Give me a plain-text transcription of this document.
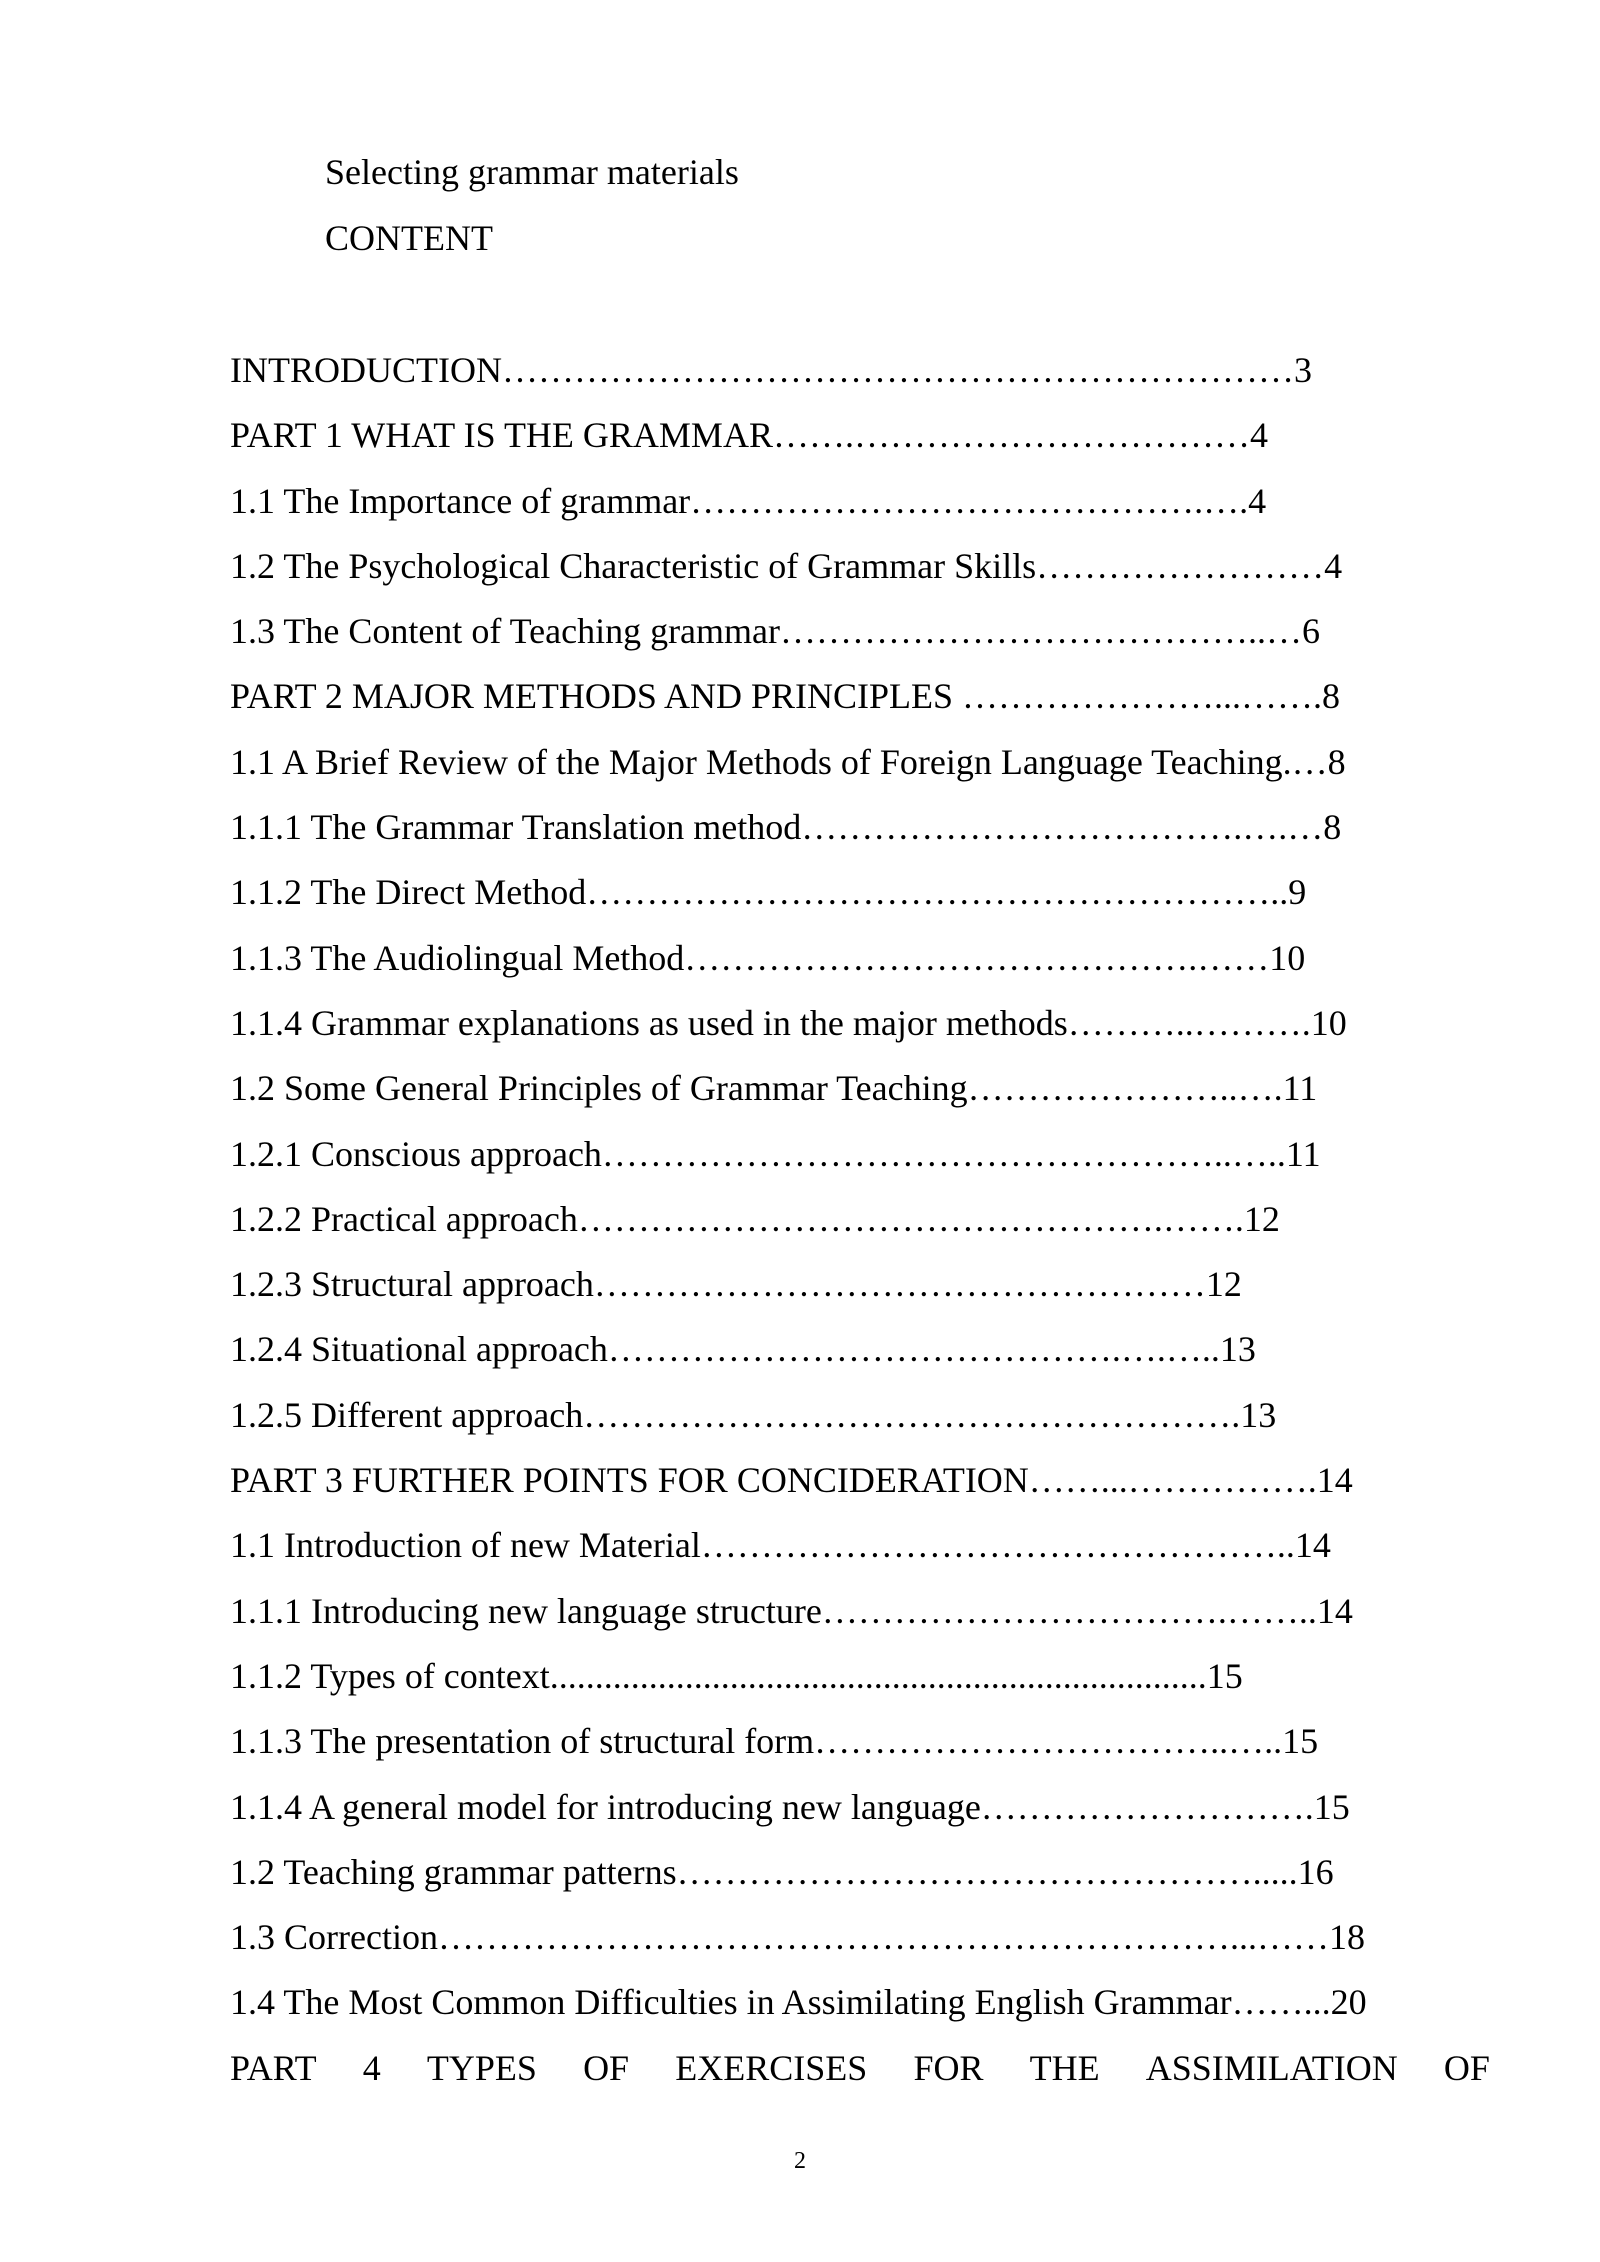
Selecting grammar materials
CONTENT
INTRODUCTION…………………………………………………………3
PART 1 WHAT IS THE GRAMMAR…….……………………………4
1.1 The Importance of grammar…………………………………….….4
1.2 The Psychological Characteristic of Grammar Skills……………………4
1.3 The Content of Teaching grammar…………………………………..…6
PART 2 MAJOR METHODS AND PRINCIPLES …………………...…….8
1.1 A Brief Review of the Major Methods of Foreign Language Teaching.…8
1.1.1 The Grammar Translation method……………………………….….…8
1.1.2 The Direct Method…………………………………………………..9
1.1.3 The Audiolingual Method…………………………………….……10
1.1.4 Grammar explanations as used in the major methods………..……….10
1.2 Some General Principles of Grammar Teaching…………………..….11
1.2.1 Conscious approach……………………………………………..…..11
1.2.2 Practical approach………………………………………….…….12
1.2.3 Structural approach……………………………………………12
1.2.4 Situational approach…………………………………….….…..13
1.2.5 Different approach……………………………………………….13
PART 3 FURTHER POINTS FOR CONCIDERATION……...…………….14
1.1 Introduction of new Material…………………………………………..14
1.1.1 Introducing new language structure…………………………….……..14
1.1.2 Types of context.........................................................................15
1.1.3 The presentation of structural form……………………………..…..15
1.1.4 A general model for introducing new language……………………….15
1.2 Teaching grammar patterns………………………………………….....16
1.3 Correction…………………………………………………………...……18
1.4 The Most Common Difficulties in Assimilating English Grammar……...20
PART 4 TYPES OF EXERCISES FOR THE ASSIMILATION OF
2
